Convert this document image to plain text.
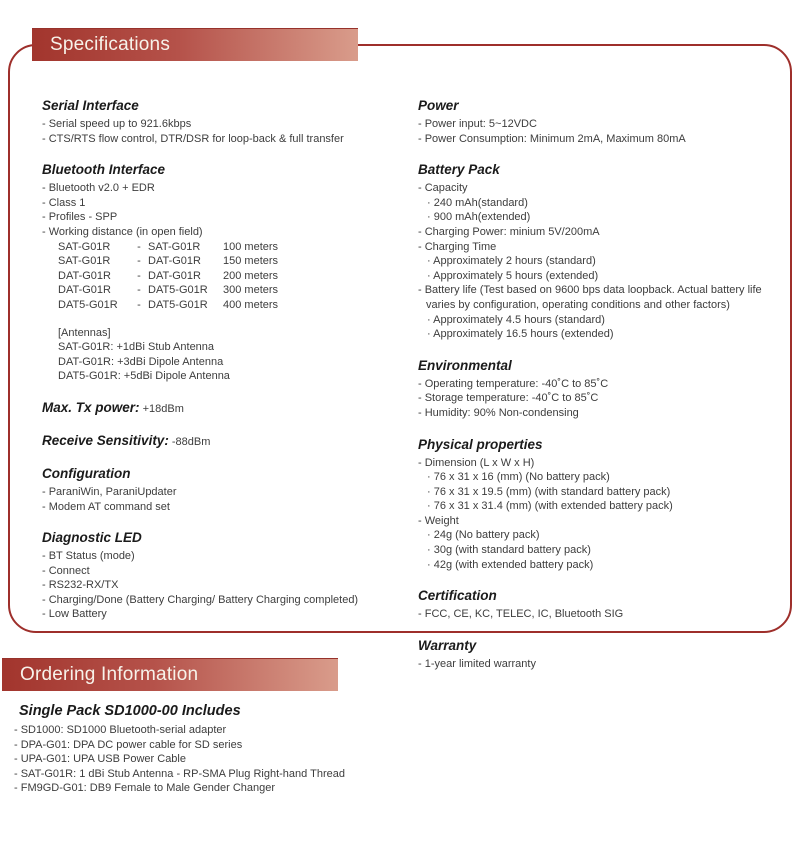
Specifications
Serial Interface
- Serial speed up to 921.6kbps
- CTS/RTS flow control, DTR/DSR for loop-back & full transfer
Bluetooth Interface
- Bluetooth v2.0 + EDR
- Class 1
- Profiles - SPP
- Working distance (in open field)
SAT-G01R	- SAT-G01R	100 meters
SAT-G01R	- DAT-G01R	150 meters
DAT-G01R	- DAT-G01R	200 meters
DAT-G01R	- DAT5-G01R	300 meters
DAT5-G01R	- DAT5-G01R	400 meters
[Antennas]
SAT-G01R: +1dBi Stub Antenna
DAT-G01R: +3dBi Dipole Antenna
DAT5-G01R: +5dBi Dipole Antenna
Max. Tx power: +18dBm
Receive Sensitivity: -88dBm
Configuration
- ParaniWin, ParaniUpdater
- Modem AT command set
Diagnostic LED
- BT Status (mode)
- Connect
- RS232-RX/TX
- Charging/Done (Battery Charging/ Battery Charging completed)
- Low Battery
Power
- Power input: 5~12VDC
- Power Consumption: Minimum 2mA, Maximum 80mA
Battery Pack
- Capacity
· 240 mAh(standard)
· 900 mAh(extended)
- Charging Power: minium 5V/200mA
- Charging Time
· Approximately 2 hours (standard)
· Approximately 5 hours (extended)
- Battery life (Test based on 9600 bps data loopback. Actual battery life varies by configuration, operating conditions and other factors)
· Approximately 4.5 hours (standard)
· Approximately 16.5 hours (extended)
Environmental
- Operating temperature: -40˚C to 85˚C
- Storage temperature: -40˚C to 85˚C
- Humidity: 90% Non-condensing
Physical properties
- Dimension (L x W x H)
· 76 x 31 x 16 (mm) (No battery pack)
· 76 x 31 x 19.5 (mm) (with standard battery pack)
· 76 x 31 x 31.4 (mm) (with extended battery pack)
- Weight
· 24g (No battery pack)
· 30g (with standard battery pack)
· 42g (with extended battery pack)
Certification
- FCC, CE, KC, TELEC, IC, Bluetooth SIG
Warranty
- 1-year limited warranty
Ordering Information
Single Pack SD1000-00 Includes
- SD1000: SD1000 Bluetooth-serial adapter
- DPA-G01: DPA DC power cable for SD series
- UPA-G01: UPA USB Power Cable
- SAT-G01R: 1 dBi Stub Antenna - RP-SMA Plug Right-hand Thread
- FM9GD-G01: DB9 Female to Male Gender Changer
